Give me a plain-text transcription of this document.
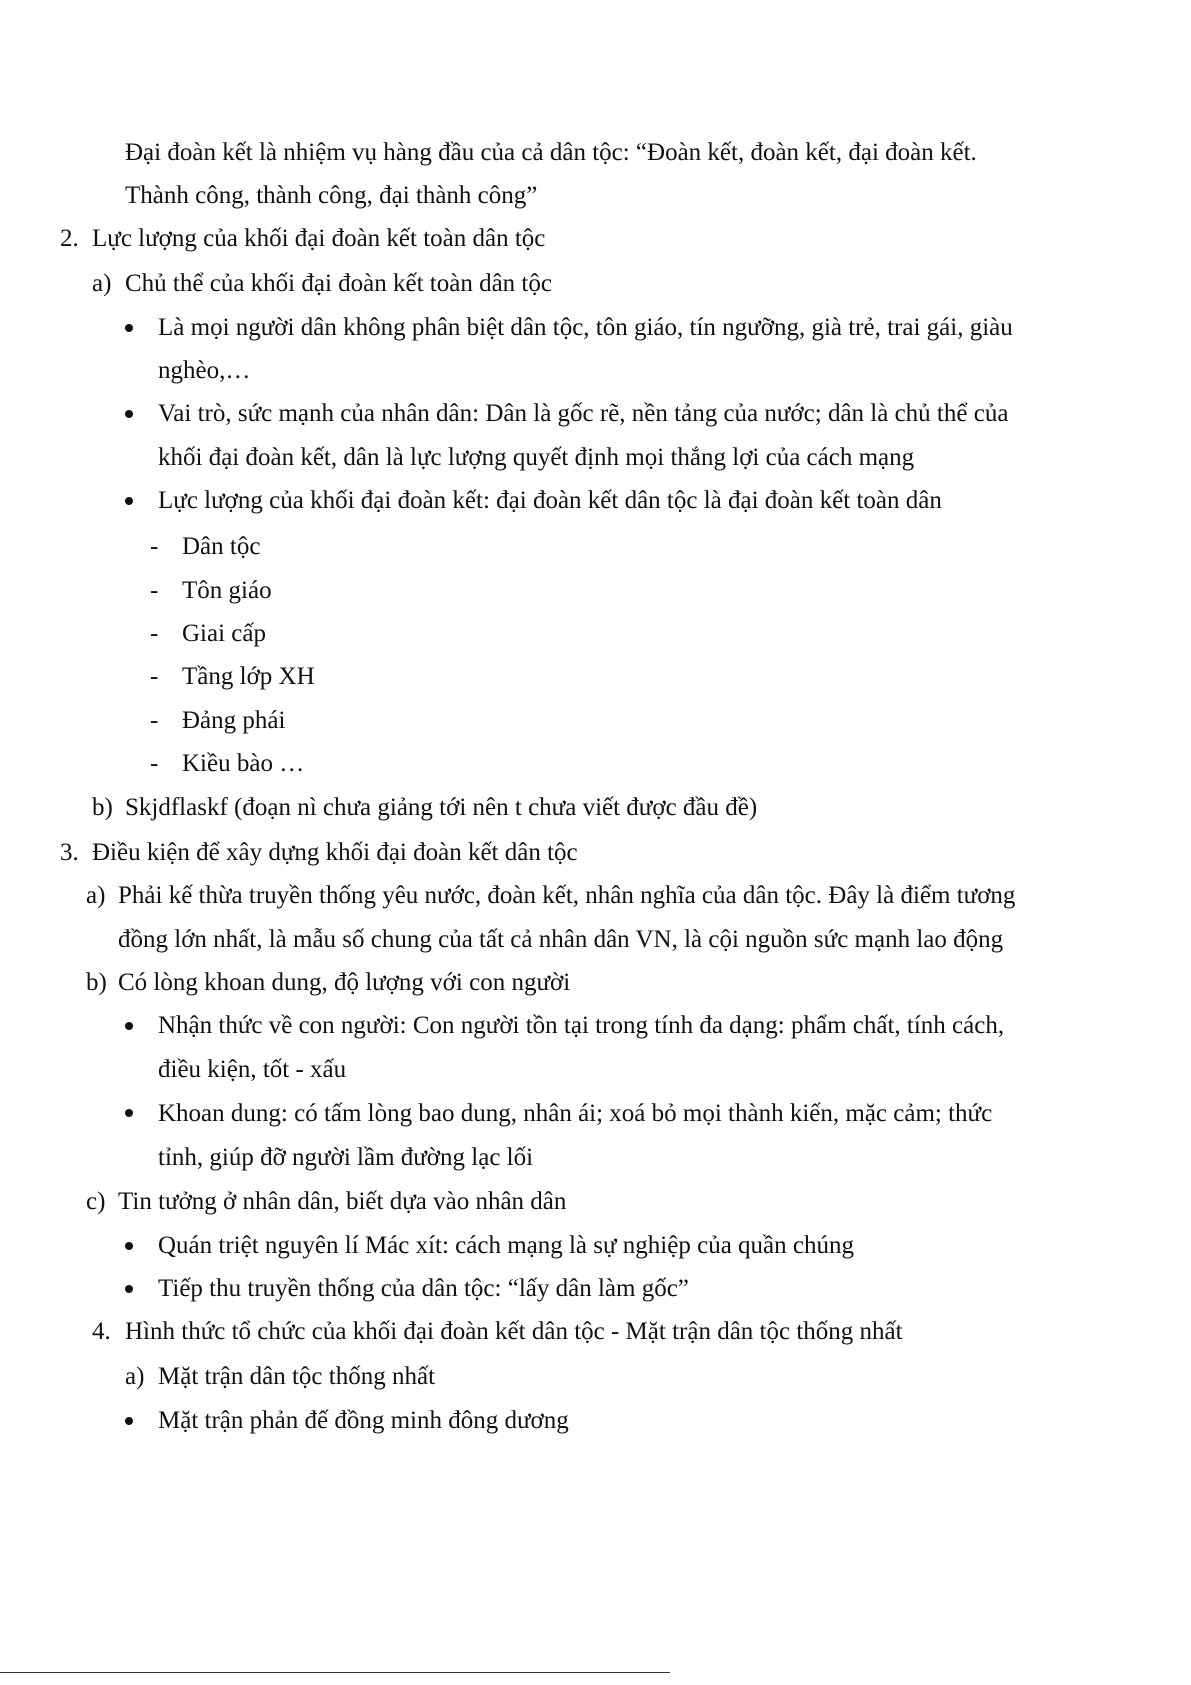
Đại đoàn kết là nhiệm vụ hàng đầu của cả dân tộc: “Đoàn kết, đoàn kết, đại đoàn kết.
Thành công, thành công, đại thành công”
2. Lực lượng của khối đại đoàn kết toàn dân tộc
a) Chủ thể của khối đại đoàn kết toàn dân tộc
Là mọi người dân không phân biệt dân tộc, tôn giáo, tín ngưỡng, già trẻ, trai gái, giàu
nghèo,…
Vai trò, sức mạnh của nhân dân: Dân là gốc rẽ, nền tảng của nước; dân là chủ thể của
khối đại đoàn kết, dân là lực lượng quyết định mọi thắng lợi của cách mạng
Lực lượng của khối đại đoàn kết: đại đoàn kết dân tộc là đại đoàn kết toàn dân
- Dân tộc
- Tôn giáo
- Giai cấp
- Tầng lớp XH
- Đảng phái
- Kiều bào …
b) Skjdflaskf (đoạn nì chưa giảng tới nên t chưa viết được đầu đề)
3. Điều kiện để xây dựng khối đại đoàn kết dân tộc
a) Phải kế thừa truyền thống yêu nước, đoàn kết, nhân nghĩa của dân tộc. Đây là điểm tương
đồng lớn nhất, là mẫu số chung của tất cả nhân dân VN, là cội nguồn sức mạnh lao động
b) Có lòng khoan dung, độ lượng với con người
Nhận thức về con người: Con người tồn tại trong tính đa dạng: phẩm chất, tính cách,
điều kiện, tốt - xấu
Khoan dung: có tấm lòng bao dung, nhân ái; xoá bỏ mọi thành kiến, mặc cảm; thức
tỉnh, giúp đỡ người lầm đường lạc lối
c) Tin tưởng ở nhân dân, biết dựa vào nhân dân
Quán triệt nguyên lí Mác xít: cách mạng là sự nghiệp của quần chúng
Tiếp thu truyền thống của dân tộc: “lấy dân làm gốc”
4. Hình thức tổ chức của khối đại đoàn kết dân tộc - Mặt trận dân tộc thống nhất
a) Mặt trận dân tộc thống nhất
Mặt trận phản đế đồng minh đông dương
